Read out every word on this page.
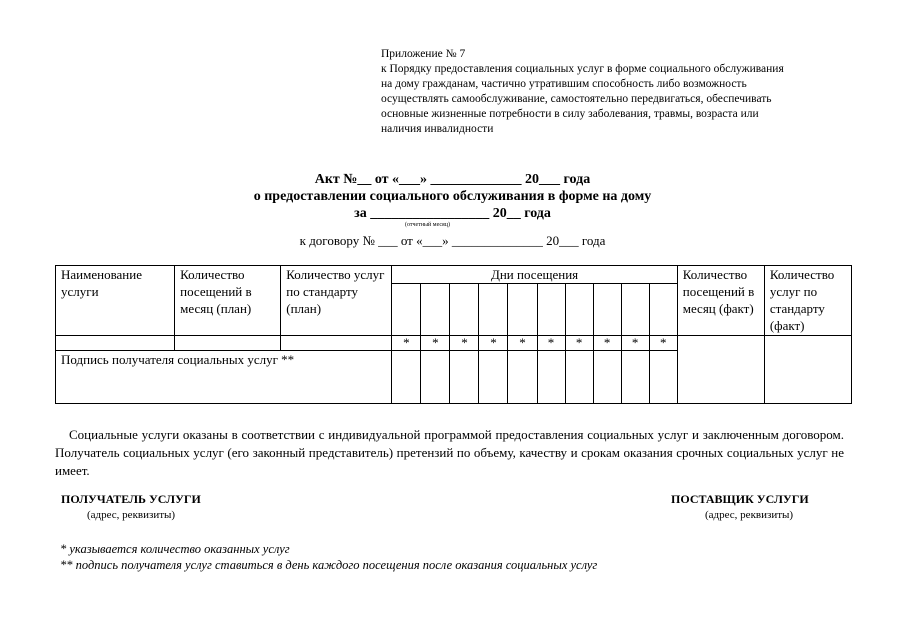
Приложение № 7
к Порядку предоставления социальных услуг в форме социального обслуживания
на дому гражданам, частично утратившим способность либо возможность
осуществлять самообслуживание, самостоятельно передвигаться, обеспечивать
основные жизненные потребности в силу заболевания, травмы, возраста или
наличия инвалидности
Акт №__ от «___» _____________ 20___ года
о предоставлении социального обслуживания в форме на дому
за _________________ 20__ года
(отчетный месяц)
к договору № ___ от «___» ______________ 20___ года
Наименование услуги	Количество посещений в месяц (план)	Количество услуг по стандарту (план)	Дни посещения										Количество посещений в месяц (факт)	Количество услуг по стандарту (факт)

			*	*	*	*	*	*	*	*	*	*		
Подпись получателя социальных услуг **														
Социальные услуги оказаны в соответствии с индивидуальной программой предоставления социальных услуг и заключенным договором. Получатель социальных услуг (его законный представитель) претензий по объему, качеству и срокам оказания срочных социальных услуг не имеет.
ПОЛУЧАТЕЛЬ УСЛУГИ
(адрес, реквизиты)
ПОСТАВЩИК УСЛУГИ
(адрес, реквизиты)
* указывается количество оказанных услуг
** подпись получателя услуг ставиться в день каждого посещения после оказания социальных услуг
